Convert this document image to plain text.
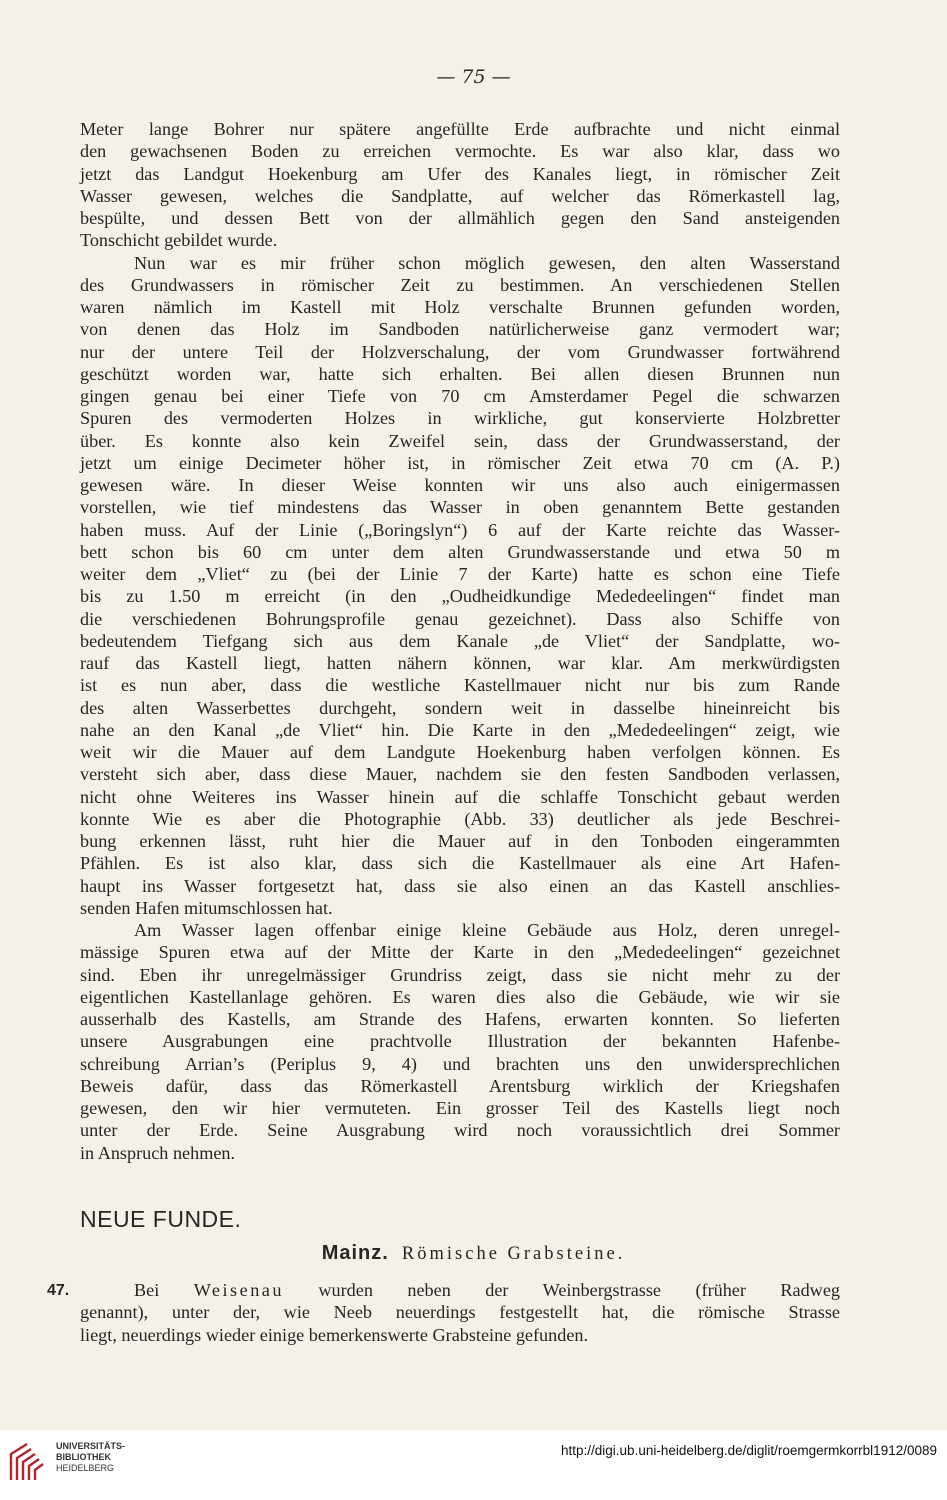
— 75 —
Meter lange Bohrer nur spätere angefüllte Erde aufbrachte und nicht einmal
den gewachsenen Boden zu erreichen vermochte. Es war also klar, dass wo
jetzt das Landgut Hoekenburg am Ufer des Kanales liegt, in römischer Zeit
Wasser gewesen, welches die Sandplatte, auf welcher das Römerkastell lag,
bespülte, und dessen Bett von der allmählich gegen den Sand ansteigenden
Tonschicht gebildet wurde.
Nun war es mir früher schon möglich gewesen, den alten Wasserstand
des Grundwassers in römischer Zeit zu bestimmen. An verschiedenen Stellen
waren nämlich im Kastell mit Holz verschalte Brunnen gefunden worden,
von denen das Holz im Sandboden natürlicherweise ganz vermodert war;
nur der untere Teil der Holzverschalung, der vom Grundwasser fortwährend
geschützt worden war, hatte sich erhalten. Bei allen diesen Brunnen nun
gingen genau bei einer Tiefe von 70 cm Amsterdamer Pegel die schwarzen
Spuren des vermoderten Holzes in wirkliche, gut konservierte Holzbretter
über. Es konnte also kein Zweifel sein, dass der Grundwasserstand, der
jetzt um einige Decimeter höher ist, in römischer Zeit etwa 70 cm (A. P.)
gewesen wäre. In dieser Weise konnten wir uns also auch einigermassen
vorstellen, wie tief mindestens das Wasser in oben genanntem Bette gestanden
haben muss. Auf der Linie („Boringslyn“) 6 auf der Karte reichte das Wasser-
bett schon bis 60 cm unter dem alten Grundwasserstande und etwa 50 m
weiter dem „Vliet“ zu (bei der Linie 7 der Karte) hatte es schon eine Tiefe
bis zu 1.50 m erreicht (in den „Oudheidkundige Mededeelingen“ findet man
die verschiedenen Bohrungsprofile genau gezeichnet). Dass also Schiffe von
bedeutendem Tiefgang sich aus dem Kanale „de Vliet“ der Sandplatte, wo-
rauf das Kastell liegt, hatten nähern können, war klar. Am merkwürdigsten
ist es nun aber, dass die westliche Kastellmauer nicht nur bis zum Rande
des alten Wasserbettes durchgeht, sondern weit in dasselbe hineinreicht bis
nahe an den Kanal „de Vliet“ hin. Die Karte in den „Mededeelingen“ zeigt, wie
weit wir die Mauer auf dem Landgute Hoekenburg haben verfolgen können. Es
versteht sich aber, dass diese Mauer, nachdem sie den festen Sandboden verlassen,
nicht ohne Weiteres ins Wasser hinein auf die schlaffe Tonschicht gebaut werden
konnte Wie es aber die Photographie (Abb. 33) deutlicher als jede Beschrei-
bung erkennen lässt, ruht hier die Mauer auf in den Tonboden eingerammten
Pfählen. Es ist also klar, dass sich die Kastellmauer als eine Art Hafen-
haupt ins Wasser fortgesetzt hat, dass sie also einen an das Kastell anschlies-
senden Hafen mitumschlossen hat.
Am Wasser lagen offenbar einige kleine Gebäude aus Holz, deren unregel-
mässige Spuren etwa auf der Mitte der Karte in den „Mededeelingen“ gezeichnet
sind. Eben ihr unregelmässiger Grundriss zeigt, dass sie nicht mehr zu der
eigentlichen Kastellanlage gehören. Es waren dies also die Gebäude, wie wir sie
ausserhalb des Kastells, am Strande des Hafens, erwarten konnten. So lieferten
unsere Ausgrabungen eine prachtvolle Illustration der bekannten Hafenbe-
schreibung Arrian’s (Periplus 9, 4) und brachten uns den unwidersprechlichen
Beweis dafür, dass das Römerkastell Arentsburg wirklich der Kriegshafen
gewesen, den wir hier vermuteten. Ein grosser Teil des Kastells liegt noch
unter der Erde. Seine Ausgrabung wird noch voraussichtlich drei Sommer
in Anspruch nehmen.
NEUE FUNDE.
Mainz. Römische Grabsteine.
47.	Bei Weisenau wurden neben der Weinbergstrasse (früher Radweg
genannt), unter der, wie Neeb neuerdings festgestellt hat, die römische Strasse
liegt, neuerdings wieder einige bemerkenswerte Grabsteine gefunden.
UNIVERSITÄTS-
BIBLIOTHEK
HEIDELBERG
http://digi.ub.uni-heidelberg.de/diglit/roemgermkorrbl1912/0089
